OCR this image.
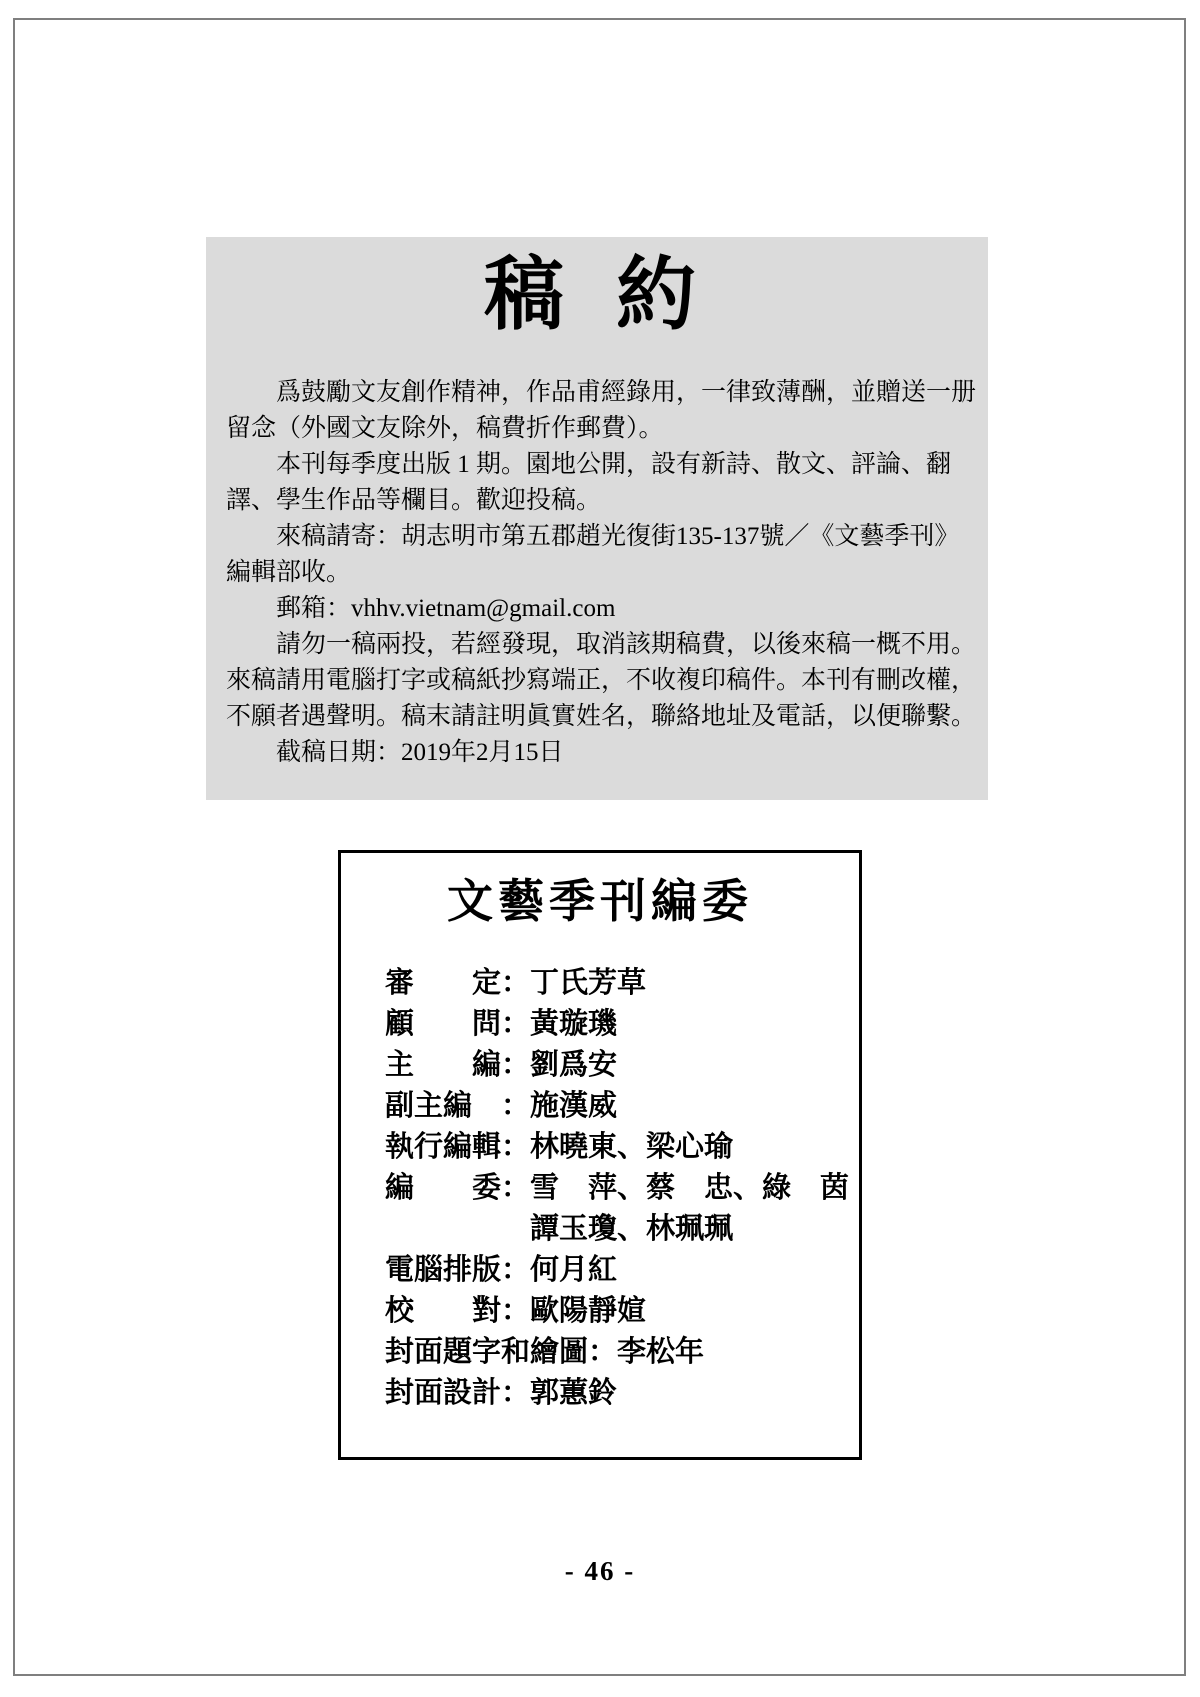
稿 約
　　爲鼓勵文友創作精神，作品甫經錄用，一律致薄酬，並贈送一册
留念（外國文友除外，稿費折作郵費）。
　　本刊每季度出版 1 期。園地公開，設有新詩、散文、評論、翻
譯、學生作品等欄目。歡迎投稿。
　　來稿請寄：胡志明市第五郡趙光復街135-137號／《文藝季刊》
編輯部收。
　　郵箱：vhhv.vietnam@gmail.com
　　請勿一稿兩投，若經發現，取消該期稿費，以後來稿一概不用。
來稿請用電腦打字或稿紙抄寫端正，不收複印稿件。本刊有刪改權，
不願者遇聲明。稿末請註明眞實姓名，聯絡地址及電話，以便聯繫。
　　截稿日期：2019年2月15日
文藝季刊編委
審　　定：丁氏芳草
顧　　問：黃璇璣
主　　編：劉爲安
副主編　：施漢威
執行編輯：林曉東、梁心瑜
編　　委：雪　萍、蔡　忠、綠　茵
　　　　　譚玉瓊、林珮珮
電腦排版：何月紅
校　　對：歐陽靜媗
封面題字和繪圖：李松年
封面設計：郭蕙鈴
- 46 -
